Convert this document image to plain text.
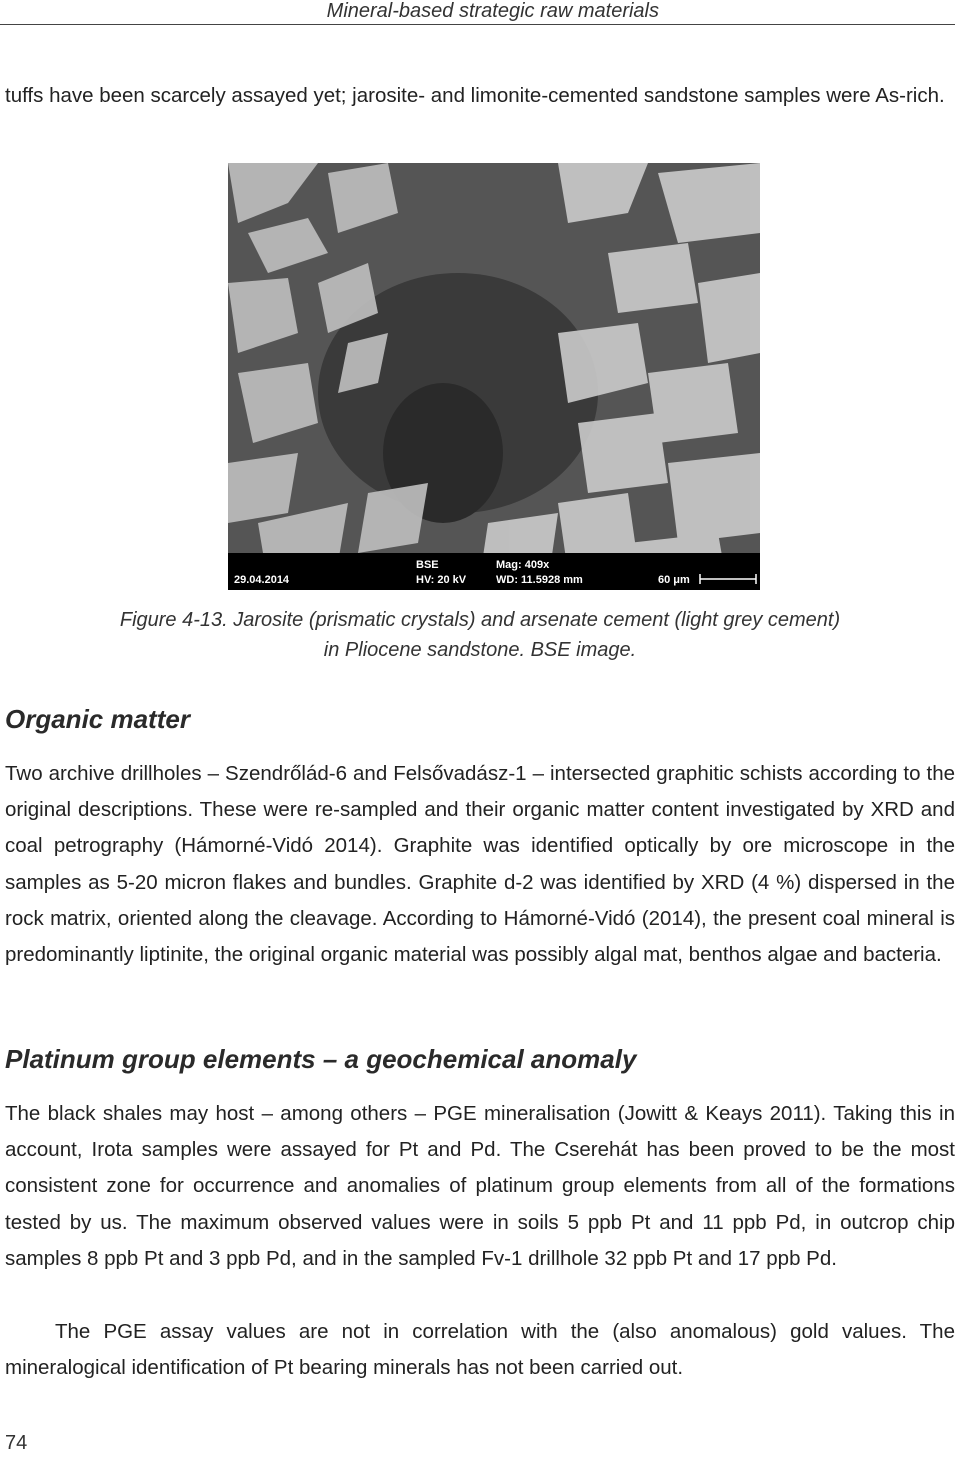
Mineral-based strategic raw materials

tuffs have been scarcely assayed yet; jarosite- and limonite-cemented sandstone samples were As-rich.

29.04.2014
BSE
HV: 20 kV
Mag: 409x
WD: 11.5928 mm	60 μm

Figure 4-13. Jarosite (prismatic crystals) and arsenate cement (light grey cement)

in Pliocene sandstone. BSE image.

Organic matter

Two archive drillholes – Szendrőlád-6 and Felsővadász-1 – intersected graphitic schists according to the original descriptions. These were re-sampled and their organic matter content investigated by XRD and coal petrography (Hámorné-Vidó 2014). Graphite was identified optically by ore microscope in the samples as 5-20 micron flakes and bundles. Graphite d-2 was identified by XRD (4 %) dispersed in the rock matrix, oriented along the cleavage. According to Hámorné-Vidó (2014), the present coal mineral is predominantly liptinite, the original organic material was possibly algal mat, benthos algae and bacteria.

Platinum group elements – a geochemical anomaly

The black shales may host – among others – PGE mineralisation (Jowitt & Keays 2011). Taking this in account, Irota samples were assayed for Pt and Pd. The Cserehát has been proved to be the most consistent zone for occurrence and anomalies of platinum group elements from all of the formations tested by us. The maximum observed values were in soils 5 ppb Pt and 11 ppb Pd, in outcrop chip samples 8 ppb Pt and 3 ppb Pd, and in the sampled Fv-1 drillhole 32 ppb Pt and 17 ppb Pd.

The PGE assay values are not in correlation with the (also anomalous) gold values. The mineralogical identification of Pt bearing minerals has not been carried out.

74
